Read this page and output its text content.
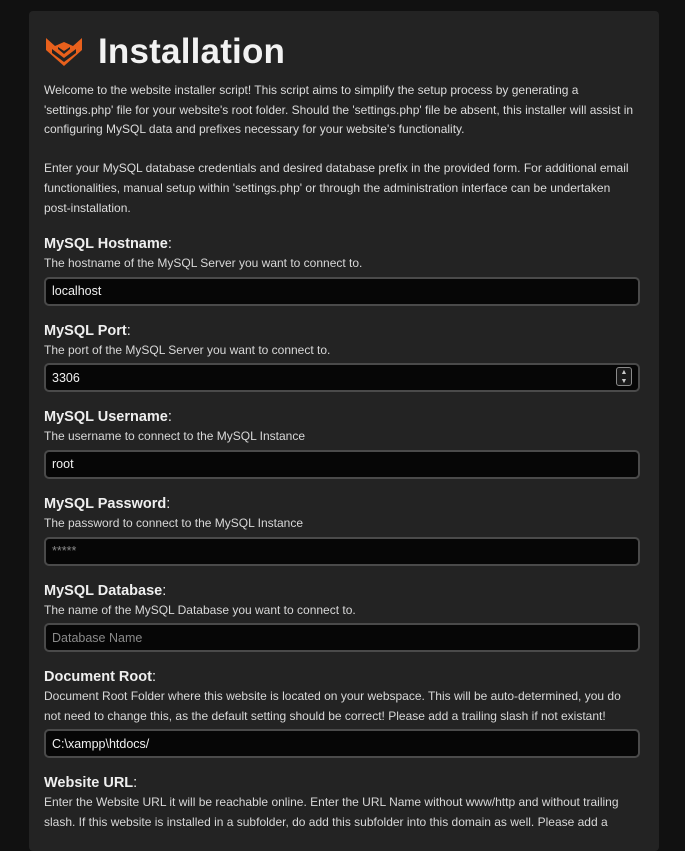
Installation

Welcome to the website installer script! This script aims to simplify the setup process by generating a 'settings.php' file for your website's root folder. Should the 'settings.php' file be absent, this installer will assist in configuring MySQL data and prefixes necessary for your website's functionality.

Enter your MySQL database credentials and desired database prefix in the provided form. For additional email functionalities, manual setup within 'settings.php' or through the administration interface can be undertaken post-installation.

MySQL Hostname:
The hostname of the MySQL Server you want to connect to.
localhost
MySQL Port:
The port of the MySQL Server you want to connect to.
3306
▲
▼
MySQL Username:
The username to connect to the MySQL Instance
root
MySQL Password:
The password to connect to the MySQL Instance
*****
MySQL Database:
The name of the MySQL Database you want to connect to.
Database Name
Document Root:
Document Root Folder where this website is located on your webspace. This will be auto-determined, you do not need to change this, as the default setting should be correct! Please add a trailing slash if not existant!
C:\xampp\htdocs/
Website URL:
Enter the Website URL it will be reachable online. Enter the URL Name without www/http and without trailing slash. If this website is installed in a subfolder, do add this subfolder into this domain as well. Please add a
